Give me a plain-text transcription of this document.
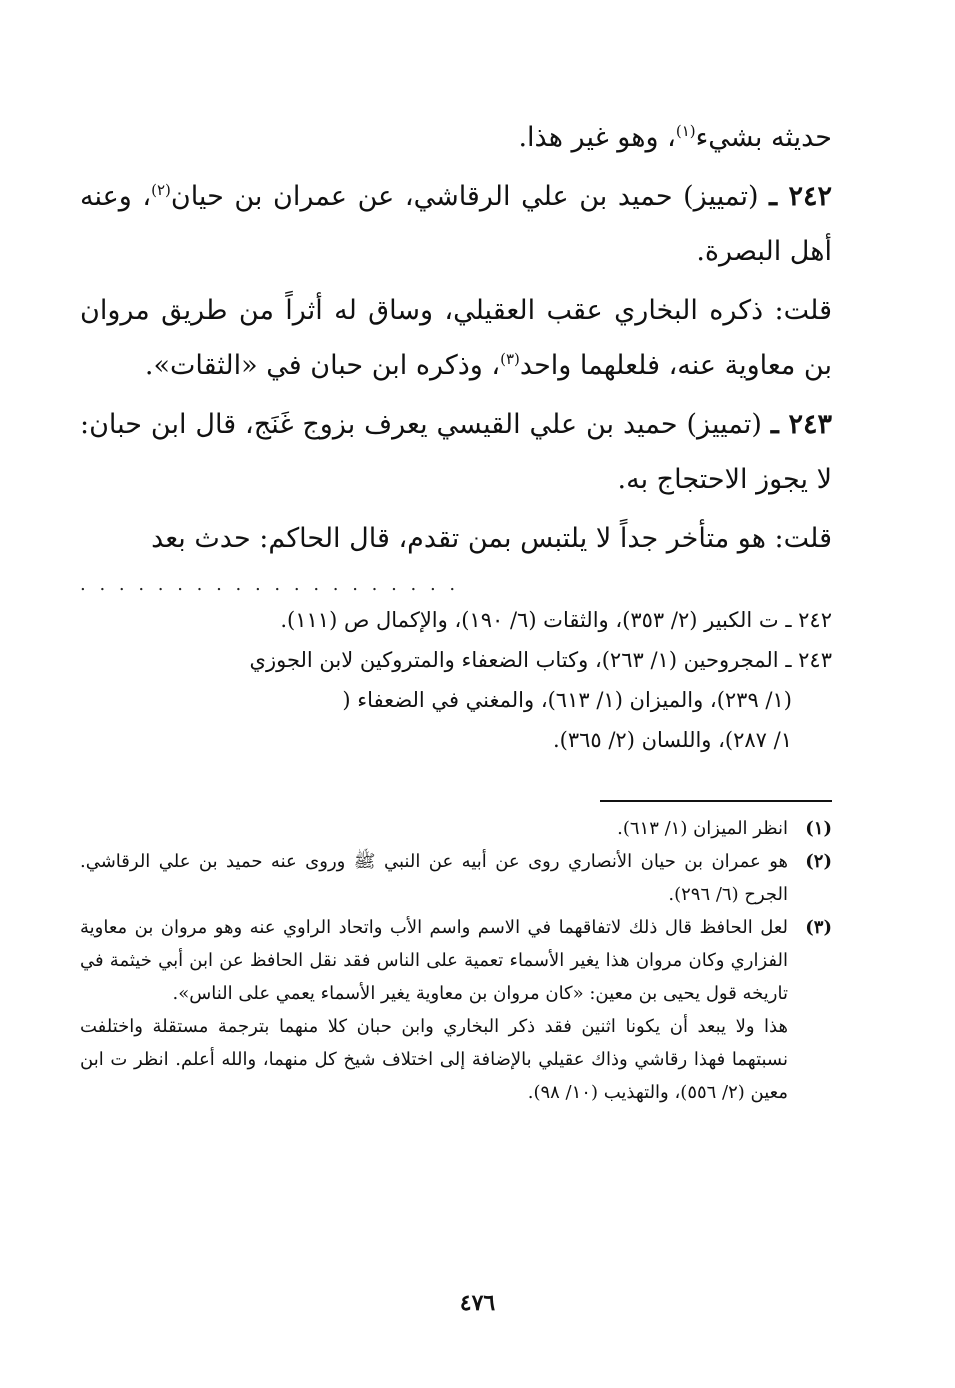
حديثه بشيء$^{(١)}$، وهو غير هذا.

٢٤٢ ـ (تمييز) حميد بن علي الرقاشي، عن عمران بن حيان$^{(٢)}$، وعنه أهل البصرة.

قلت: ذكره البخاري عقب العقيلي، وساق له أثراً من طريق مروان بن معاوية عنه، فلعلهما واحد$^{(٣)}$، وذكره ابن حبان في «الثقات».

٢٤٣ ـ (تمييز) حميد بن علي القيسي يعرف بزوج غَنَج، قال ابن حبان: لا يجوز الاحتجاج به.

قلت: هو متأخر جداً لا يلتبس بمن تقدم، قال الحاكم: حدث بعد

. . . . . . . . . . . . . . . . . . . .

٢٤٢ ـ ت الكبير (٢/ ٣٥٣)، والثقات (٦/ ١٩٠)، والإكمال ص (١١١).

٢٤٣ ـ المجروحين (١/ ٢٦٣)، وكتاب الضعفاء والمتروكين لابن الجوزي

(١/ ٢٣٩)، والميزان (١/ ٦١٣)، والمغني في الضعفاء (

١/ ٢٨٧)، واللسان (٢/ ٣٦٥).

(١)

انظر الميزان (١/ ٦١٣).

(٢)

هو عمران بن حيان الأنصاري روى عن أبيه عن النبي ﷺ وروى عنه حميد بن علي الرقاشي. الجرح (٦/ ٢٩٦).

(٣)

لعل الحافظ قال ذلك لاتفاقهما في الاسم واسم الأب واتحاد الراوي عنه وهو مروان بن معاوية الفزاري وكان مروان هذا يغير الأسماء تعمية على الناس فقد نقل الحافظ عن ابن أبي خيثمة في تاريخه قول يحيى بن معين: «كان مروان بن معاوية يغير الأسماء يعمي على الناس».

هذا ولا يبعد أن يكونا اثنين فقد ذكر البخاري وابن حبان كلا منهما بترجمة مستقلة واختلفت نسبتهما فهذا رقاشي وذاك عقيلي بالإضافة إلى اختلاف شيخ كل منهما، والله أعلم. انظر ت ابن معين (٢/ ٥٥٦)، والتهذيب (١٠/ ٩٨).

٤٧٦
